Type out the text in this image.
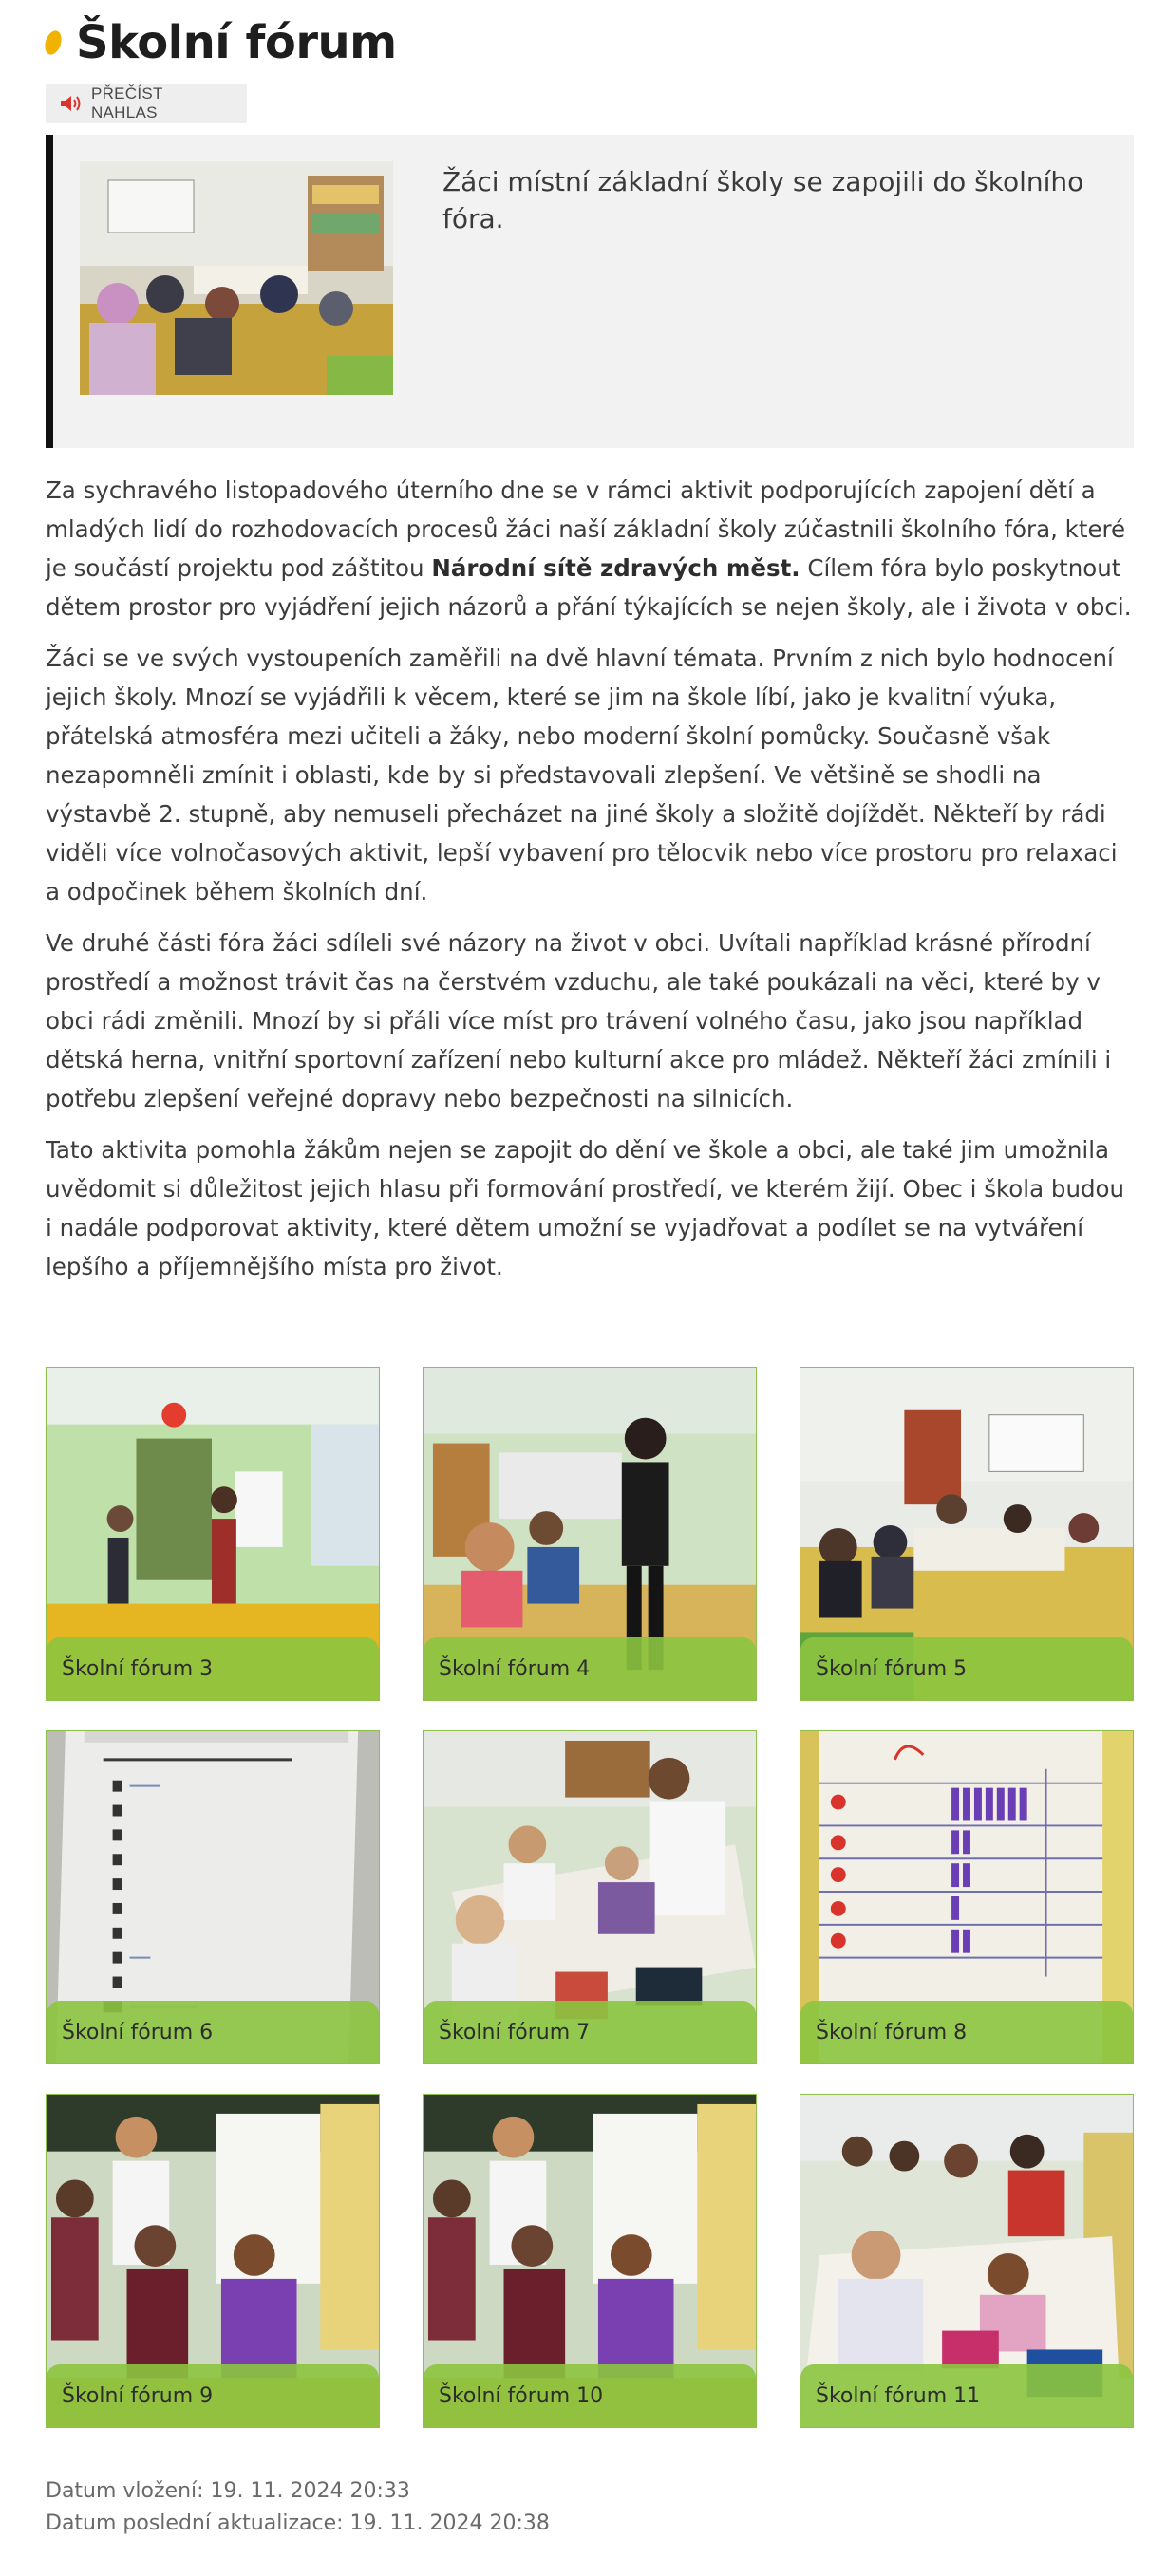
Školní fórum
PŘEČÍST NAHLAS
Žáci místní základní školy se zapojili do školního fóra.

Za sychravého listopadového úterního dne se v rámci aktivit podporujících zapojení dětí a mladých lidí do rozhodovacích procesů žáci naší základní školy zúčastnili školního fóra, které je součástí projektu pod záštitou Národní sítě zdravých měst. Cílem fóra bylo poskytnout dětem prostor pro vyjádření jejich názorů a přání týkajících se nejen školy, ale i života v obci.

Žáci se ve svých vystoupeních zaměřili na dvě hlavní témata. Prvním z nich bylo hodnocení jejich školy. Mnozí se vyjádřili k věcem, které se jim na škole líbí, jako je kvalitní výuka, přátelská atmosféra mezi učiteli a žáky, nebo moderní školní pomůcky. Současně však nezapomněli zmínit i oblasti, kde by si představovali zlepšení. Ve většině se shodli na výstavbě 2. stupně, aby nemuseli přecházet na jiné školy a složitě dojíždět. Někteří by rádi viděli více volnočasových aktivit, lepší vybavení pro tělocvik nebo více prostoru pro relaxaci a odpočinek během školních dní.

Ve druhé části fóra žáci sdíleli své názory na život v obci. Uvítali například krásné přírodní prostředí a možnost trávit čas na čerstvém vzduchu, ale také poukázali na věci, které by v obci rádi změnili. Mnozí by si přáli více míst pro trávení volného času, jako jsou například dětská herna, vnitřní sportovní zařízení nebo kulturní akce pro mládež. Někteří žáci zmínili i potřebu zlepšení veřejné dopravy nebo bezpečnosti na silnicích.

Tato aktivita pomohla žákům nejen se zapojit do dění ve škole a obci, ale také jim umožnila uvědomit si důležitost jejich hlasu při formování prostředí, ve kterém žijí. Obec i škola budou i nadále podporovat aktivity, které dětem umožní se vyjadřovat a podílet se na vytváření lepšího a příjemnějšího místa pro život.

Školní fórum 3	Školní fórum 4	Školní fórum 5
Školní fórum 6	Školní fórum 7	Školní fórum 8
Školní fórum 9	Školní fórum 10	Školní fórum 11
Datum vložení: 19. 11. 2024 20:33
Datum poslední aktualizace: 19. 11. 2024 20:38
